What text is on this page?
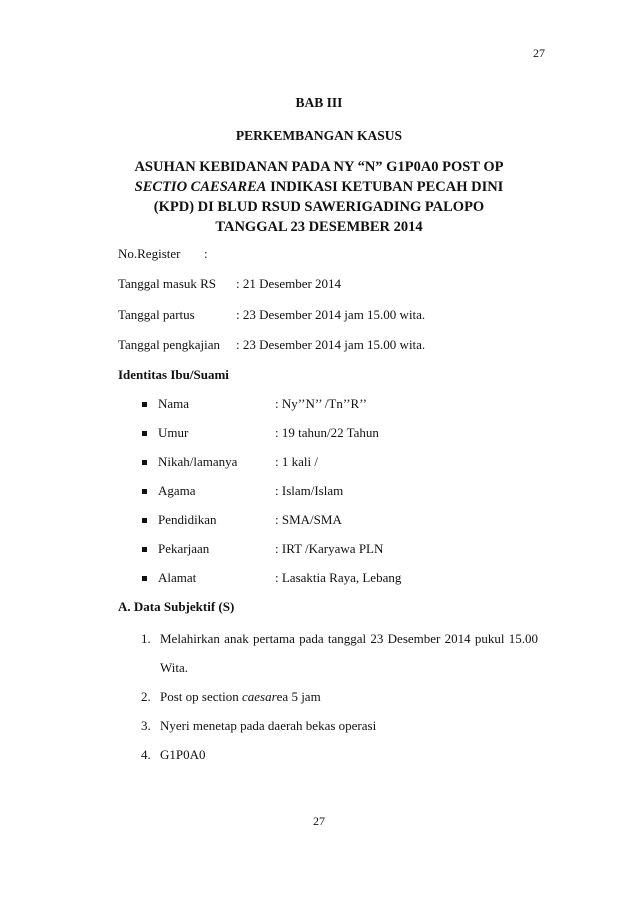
27
27
BAB III
PERKEMBANGAN KASUS
ASUHAN KEBIDANAN PADA NY “N” G1P0A0 POST OP
SECTIO CAESAREA INDIKASI KETUBAN PECAH DINI
(KPD) DI BLUD RSUD SAWERIGADING PALOPO
TANGGAL 23 DESEMBER 2014
No.Register :
Tanggal masuk RS : 21 Desember 2014
Tanggal partus	: 23 Desember 2014 jam 15.00 wita.
Tanggal pengkajian : 23 Desember 2014 jam 15.00 wita.
Identitas Ibu/Suami
Nama	: Ny’’N’’ /Tn’’R’’
Umur	: 19 tahun/22 Tahun
Nikah/lamanya	: 1 kali /
Agama	: Islam/Islam
Pendidikan	: SMA/SMA
Pekarjaan	: IRT /Karyawa PLN
Alamat	: Lasaktia Raya, Lebang
A. Data Subjektif (S)
1. Melahirkan anak pertama pada tanggal 23 Desember 2014 pukul 15.00
Wita.
2. Post op section caesarea 5 jam
3. Nyeri menetap pada daerah bekas operasi
4. G1P0A0
